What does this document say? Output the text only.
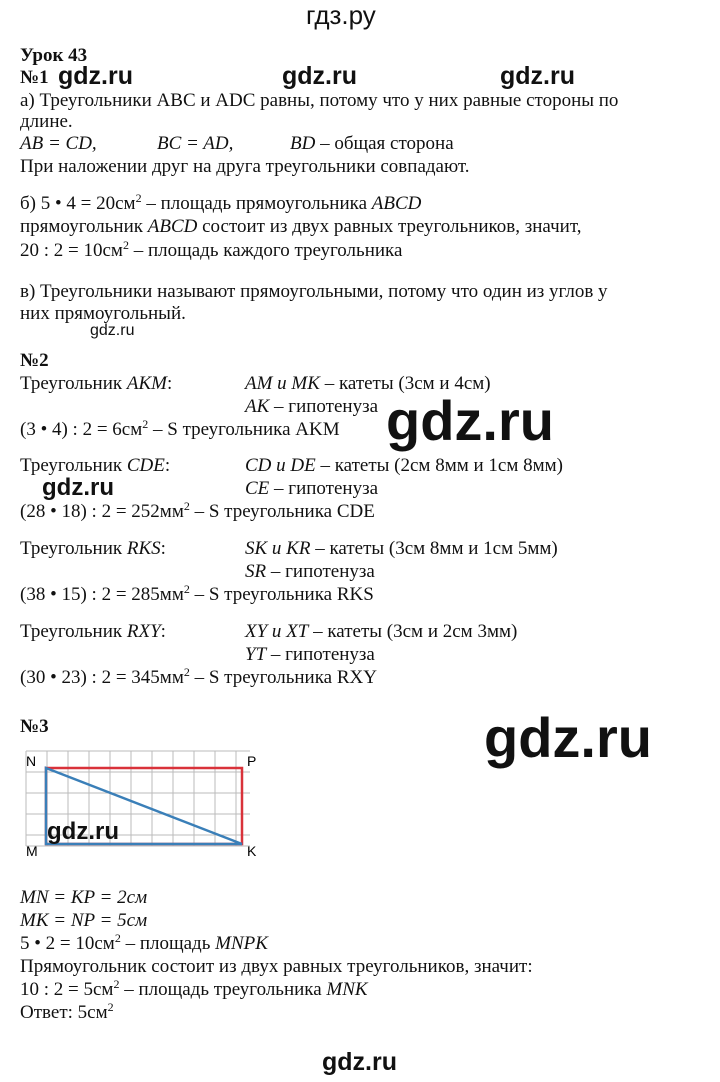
гдз.ру
Урок 43
№1 gdz.ru	gdz.ru	gdz.ru
а) Треугольники ABC и ADC равны, потому что у них равные стороны по
длине.
AB = CD,	BC = AD,	BD – общая сторона
При наложении друг на друга треугольники совпадают.
б) 5 • $4 = 20см^2$ – площадь прямоугольника ABCD
прямоугольник ABCD состоит из двух равных треугольников, значит,
20 : $2 = 10см^2$ – площадь каждого треугольника
в) Треугольники называют прямоугольными, потому что один из углов у
них прямоугольный.
gdz.ru
№2
Треугольник AKM:	AM и MK – катеты (3см и 4см)
AK – гипотенуза
(3 • 4) : $2 = 6см^2 - S$ треугольника AKM gdz.ru
Треугольник CDE:	CD и DE – катеты (2см 8мм и 1см 8мм)
gdz.ru	CE – гипотенуза
(28 • 18) : $2 = 252мм^2 - S$ треугольника CDE
Треугольник RKS:	SK и KR – катеты (3см 8мм и 1см 5мм)
SR – гипотенуза
(38 • 15) : $2 = 285мм^2 - S$ треугольника RKS
Треугольник RXY:	XY и XT – катеты (3см и 2см 3мм)
YT – гипотенуза
(30 • 23) : $2 = 345мм^2 - S$ треугольника RXY
№3	gdz.ru
N	P
M	K
gdz.ru
MN = KP = 2см
MK = NP = 5см
5 • $2 = 10см^2$ – площадь MNPK
Прямоугольник состоит из двух равных треугольников, значит:
10 : $2 = 5см^2$ – площадь треугольника MNK
Ответ: $5см^2$
gdz.ru
